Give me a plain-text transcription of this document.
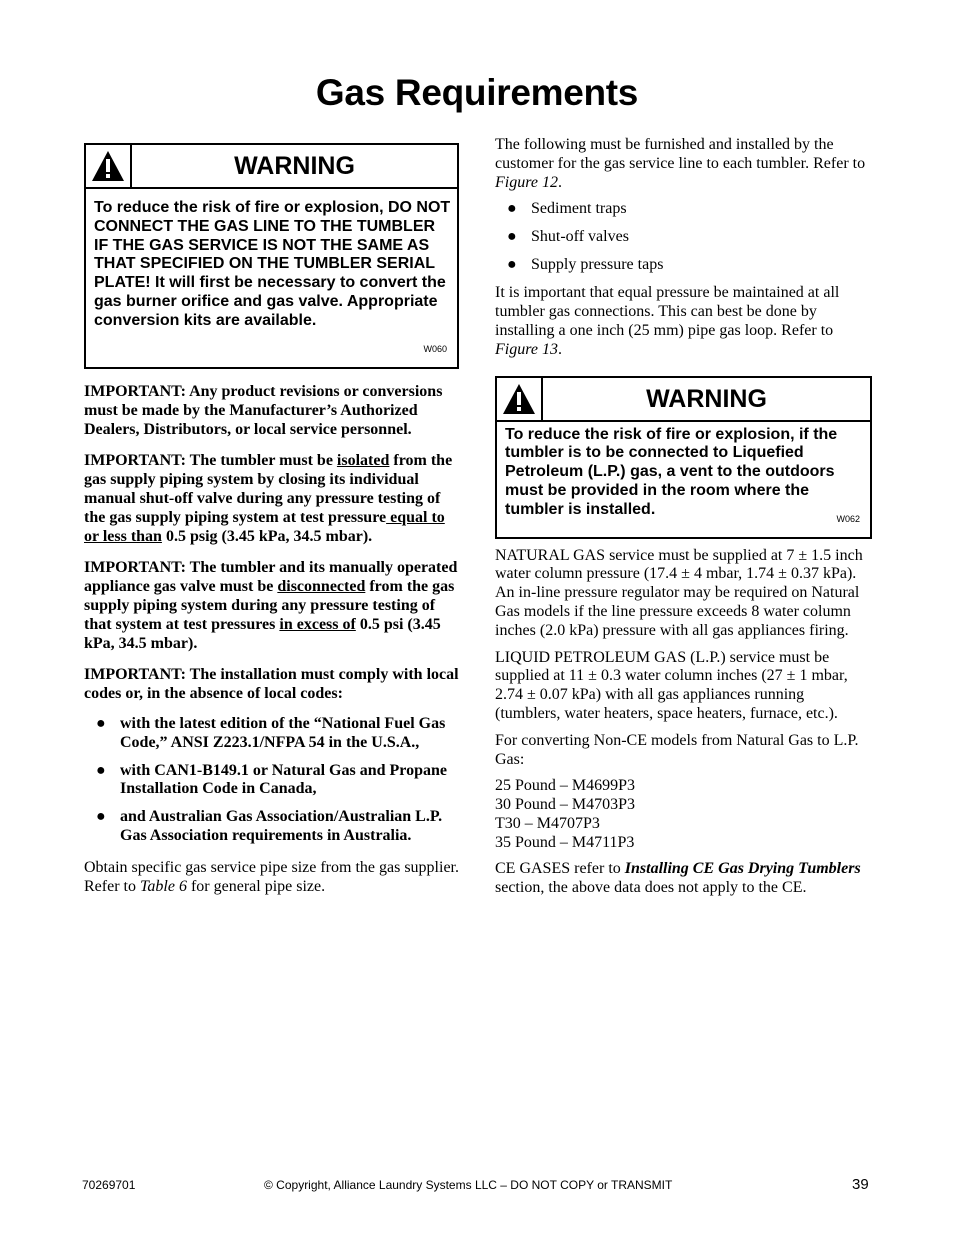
Gas Requirements
WARNING
To reduce the risk of fire or explosion, DO NOT CONNECT THE GAS LINE TO THE TUMBLER IF THE GAS SERVICE IS NOT THE SAME AS THAT SPECIFIED ON THE TUMBLER SERIAL PLATE! It will first be necessary to convert the gas burner orifice and gas valve. Appropriate conversion kits are available.
W060

IMPORTANT: Any product revisions or conversions must be made by the Manufacturer’s Authorized Dealers, Distributors, or local service personnel.

IMPORTANT: The tumbler must be isolated from the gas supply piping system by closing its individual manual shut-off valve during any pressure testing of the gas supply piping system at test pressure equal to or less than 0.5 psig (3.45 kPa, 34.5 mbar).

IMPORTANT: The tumbler and its manually operated appliance gas valve must be disconnected from the gas supply piping system during any pressure testing of that system at test pressures in excess of 0.5 psi (3.45 kPa, 34.5 mbar).

IMPORTANT: The installation must comply with local codes or, in the absence of local codes:

● with the latest edition of the “National Fuel Gas Code,” ANSI Z223.1/NFPA 54 in the U.S.A.,
● with CAN1-B149.1 or Natural Gas and Propane Installation Code in Canada,
● and Australian Gas Association/Australian L.P. Gas Association requirements in Australia.

Obtain specific gas service pipe size from the gas supplier. Refer to Table 6 for general pipe size.

The following must be furnished and installed by the customer for the gas service line to each tumbler. Refer to Figure 12.

● Sediment traps
● Shut-off valves
● Supply pressure taps

It is important that equal pressure be maintained at all tumbler gas connections. This can best be done by installing a one inch (25 mm) pipe gas loop. Refer to Figure 13.

WARNING
To reduce the risk of fire or explosion, if the tumbler is to be connected to Liquefied Petroleum (L.P.) gas, a vent to the outdoors must be provided in the room where the tumbler is installed.
W062

NATURAL GAS service must be supplied at 7 ± 1.5 inch water column pressure (17.4 ± 4 mbar, 1.74 ± 0.37 kPa). An in-line pressure regulator may be required on Natural Gas models if the line pressure exceeds 8 water column inches (2.0 kPa) pressure with all gas appliances firing.

LIQUID PETROLEUM GAS (L.P.) service must be supplied at 11 ± 0.3 water column inches (27 ± 1 mbar, 2.74 ± 0.07 kPa) with all gas appliances running (tumblers, water heaters, space heaters, furnace, etc.).

For converting Non-CE models from Natural Gas to L.P. Gas:

25 Pound – M4699P3
30 Pound – M4703P3
T30 – M4707P3
35 Pound – M4711P3

CE GASES refer to Installing CE Gas Drying Tumblers section, the above data does not apply to the CE.

70269701	© Copyright, Alliance Laundry Systems LLC – DO NOT COPY or TRANSMIT	39
